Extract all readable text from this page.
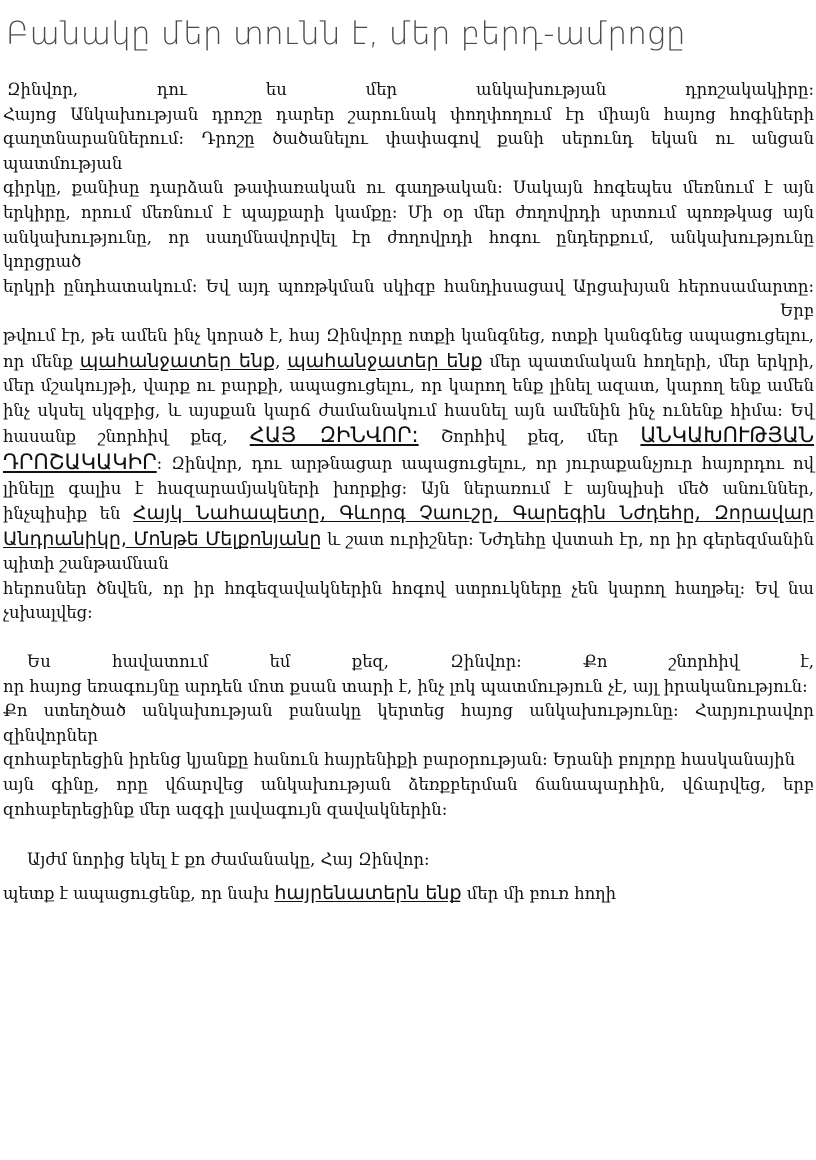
Բանակը մեր տունն է, մեր բերդ-ամրոցը

Զինվոր, դու ես մեր անկախության դրոշակակիրը:

Հայոց Անկախության դրոշը դարեր շարունակ փողփողում էր միայն հայոց հոգիների գաղտնարաններում: Դրոշը ծածանելու փափագով քանի սերունդ եկան ու անցան պատմության

գիրկը, քանիսը դարձան թափառական ու գաղթական: Սակայն հոգեպես մեռնում է այն երկիրը, որում մեռնում է պայքարի կամքը: Մի օր մեր ժողովրդի սրտում պոռթկաց այն անկախությունը, որ սաղմնավորվել էր ժողովրդի հոգու ընդերքում, անկախությունը կորցրած

երկրի ընդհատակում: Եվ այդ պոռթկման սկիզբ հանդիսացավ Արցախյան հերոսամարտը: Երբ

թվում էր, թե ամեն ինչ կորած է, հայ Զինվորը ոտքի կանգնեց, ոտքի կանգնեց ապացուցելու, որ մենք պահանջատեր ենք, պահանջատեր ենք մեր պատմական հողերի, մեր երկրի, մեր մշակույթի, վարք ու բարքի, ապացուցելու, որ կարող ենք լինել ազատ, կարող ենք ամեն ինչ սկսել սկզբից, և այսքան կարճ ժամանակում հասնել այն ամենին ինչ ունենք հիմա: Եվ հասանք շնորհիվ քեզ, ՀԱՅ ԶԻՆՎՈՐ: Շորհիվ քեզ, մեր ԱՆԿԱԽՈՒԹՅԱՆ ԴՐՈՇԱԿԱԿԻՐ: Զինվոր, դու արթնացար ապացուցելու, որ յուրաքանչյուր հայորդու ով լինելը գալիս է հազարամյակների խորքից: Այն ներառում է այնպիսի մեծ անուններ, ինչպիսիք են Հայկ Նահապետը, Գևորգ Չաուշը, Գարեգին Նժդեհը, Զորավար Անդրանիկը, Մոնթե Մելքոնյանը և շատ ուրիշներ: Նժդեհը վստահ էր, որ իր գերեզմանին պիտի շանթամնան

հերոսներ ծնվեն, որ իր հոգեզավակներին հոգով ստրուկները չեն կարող հաղթել: Եվ նա չսխալվեց:

Ես հավատում եմ քեզ, Զինվոր: Քո շնորհիվ է,

որ հայոց եռագույնը արդեն մոտ քսան տարի է, ինչ լոկ պատմություն չէ, այլ իրականություն:

Քո ստեղծած անկախության բանակը կերտեց հայոց անկախությունը: Հարյուրավոր զինվորներ

զոհաբերեցին իրենց կյանքը հանուն հայրենիքի բարօրության: Երանի բոլորը հասկանային

այն գինը, որը վճարվեց անկախության ձեռքբերման ճանապարհին, վճարվեց, երբ զոհաբերեցինք մեր ազգի լավագույն զավակներին:

Այժմ նորից եկել է քո ժամանակը, Հայ Զինվոր:

պետք է ապացուցենք, որ նախ հայրենատերն ենք մեր մի բուռ հողի
